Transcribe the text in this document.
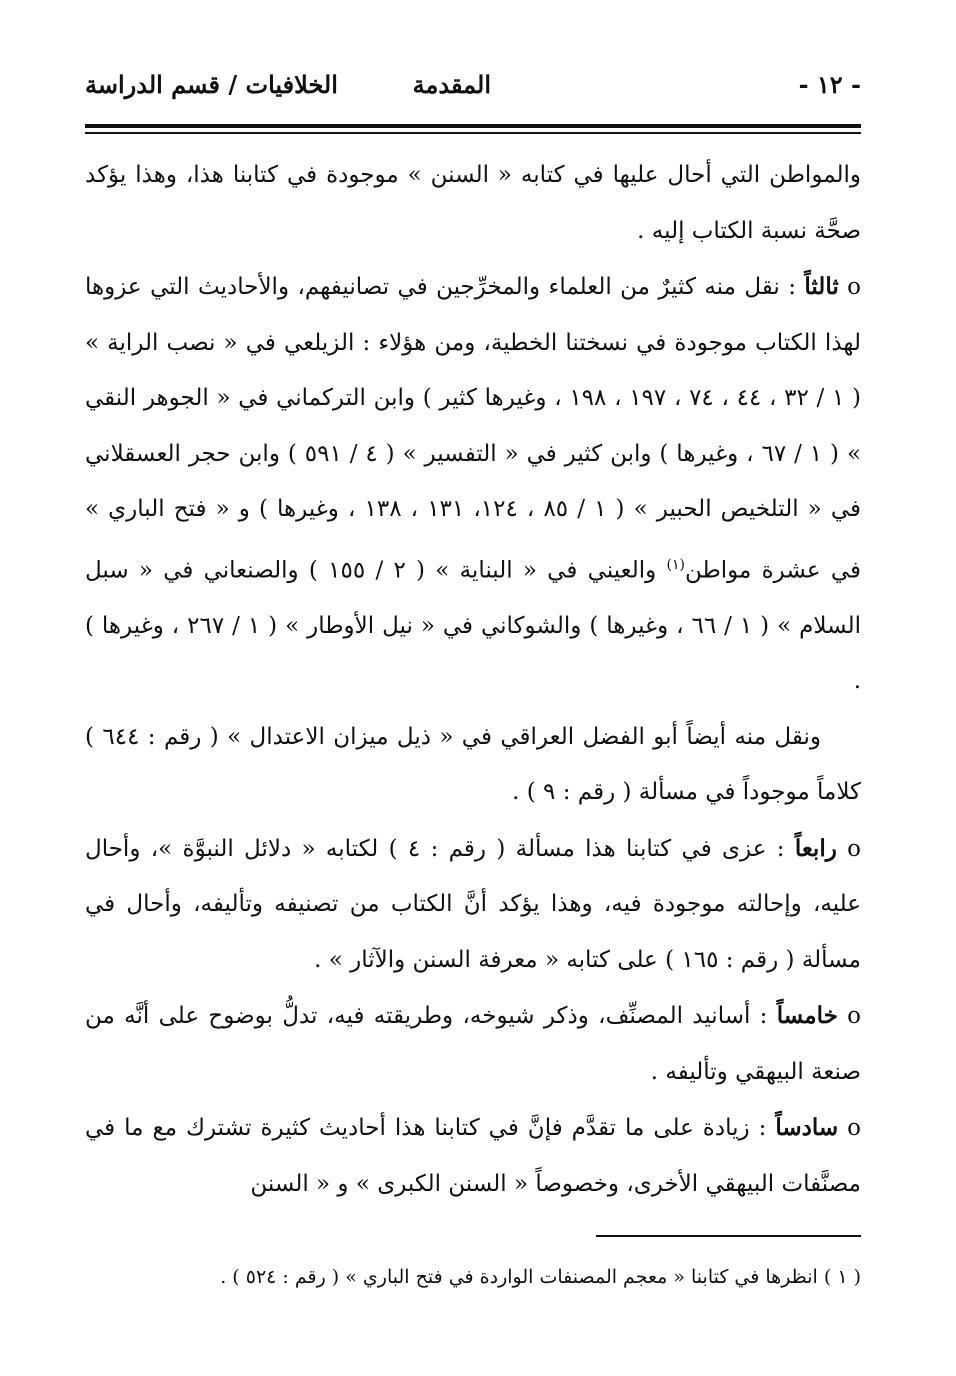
- ١٢ -
المقدمة
الخلافيات / قسم الدراسة

والمواطن التي أحال عليها في كتابه « السنن » موجودة في كتابنا هذا، وهذا يؤكد صحَّة نسبة الكتاب إليه .

o ثالثاً : نقل منه كثيرٌ من العلماء والمخرِّجين في تصانيفهم، والأحاديث التي عزوها لهذا الكتاب موجودة في نسختنا الخطية، ومن هؤلاء : الزيلعي في « نصب الراية » ( ١ / ٣٢ ، ٤٤ ، ٧٤ ، ١٩٧ ، ١٩٨ ، وغيرها كثير ) وابن التركماني في « الجوهر النقي » ( ١ / ٦٧ ، وغيرها ) وابن كثير في « التفسير » ( ٤ / ٥٩١ ) وابن حجر العسقلاني في « التلخيص الحبير » ( ١ / ٨٥ ، ١٢٤، ١٣١ ، ١٣٨ ، وغيرها ) و « فتح الباري » في عشرة مواطن$^{(١)}$ والعيني في « البناية » ( ٢ / ١٥٥ ) والصنعاني في « سبل السلام » ( ١ / ٦٦ ، وغيرها ) والشوكاني في « نيل الأوطار » ( ١ / ٢٦٧ ، وغيرها ) .

ونقل منه أيضاً أبو الفضل العراقي في « ذيل ميزان الاعتدال » ( رقم : ٦٤٤ ) كلاماً موجوداً في مسألة ( رقم : ٩ ) .

o رابعاً : عزى في كتابنا هذا مسألة ( رقم : ٤ ) لكتابه « دلائل النبوَّة »، وأحال عليه، وإحالته موجودة فيه، وهذا يؤكد أنَّ الكتاب من تصنيفه وتأليفه، وأحال في مسألة ( رقم : ١٦٥ ) على كتابه « معرفة السنن والآثار » .

o خامساً : أسانيد المصنِّف، وذكر شيوخه، وطريقته فيه، تدلُّ بوضوح على أنَّه من صنعة البيهقي وتأليفه .

o سادساً : زيادة على ما تقدَّم فإنَّ في كتابنا هذا أحاديث كثيرة تشترك مع ما في مصنَّفات البيهقي الأخرى، وخصوصاً « السنن الكبرى » و « السنن

( ١ ) انظرها في كتابنا « معجم المصنفات الواردة في فتح الباري » ( رقم : ٥٢٤ ) .
